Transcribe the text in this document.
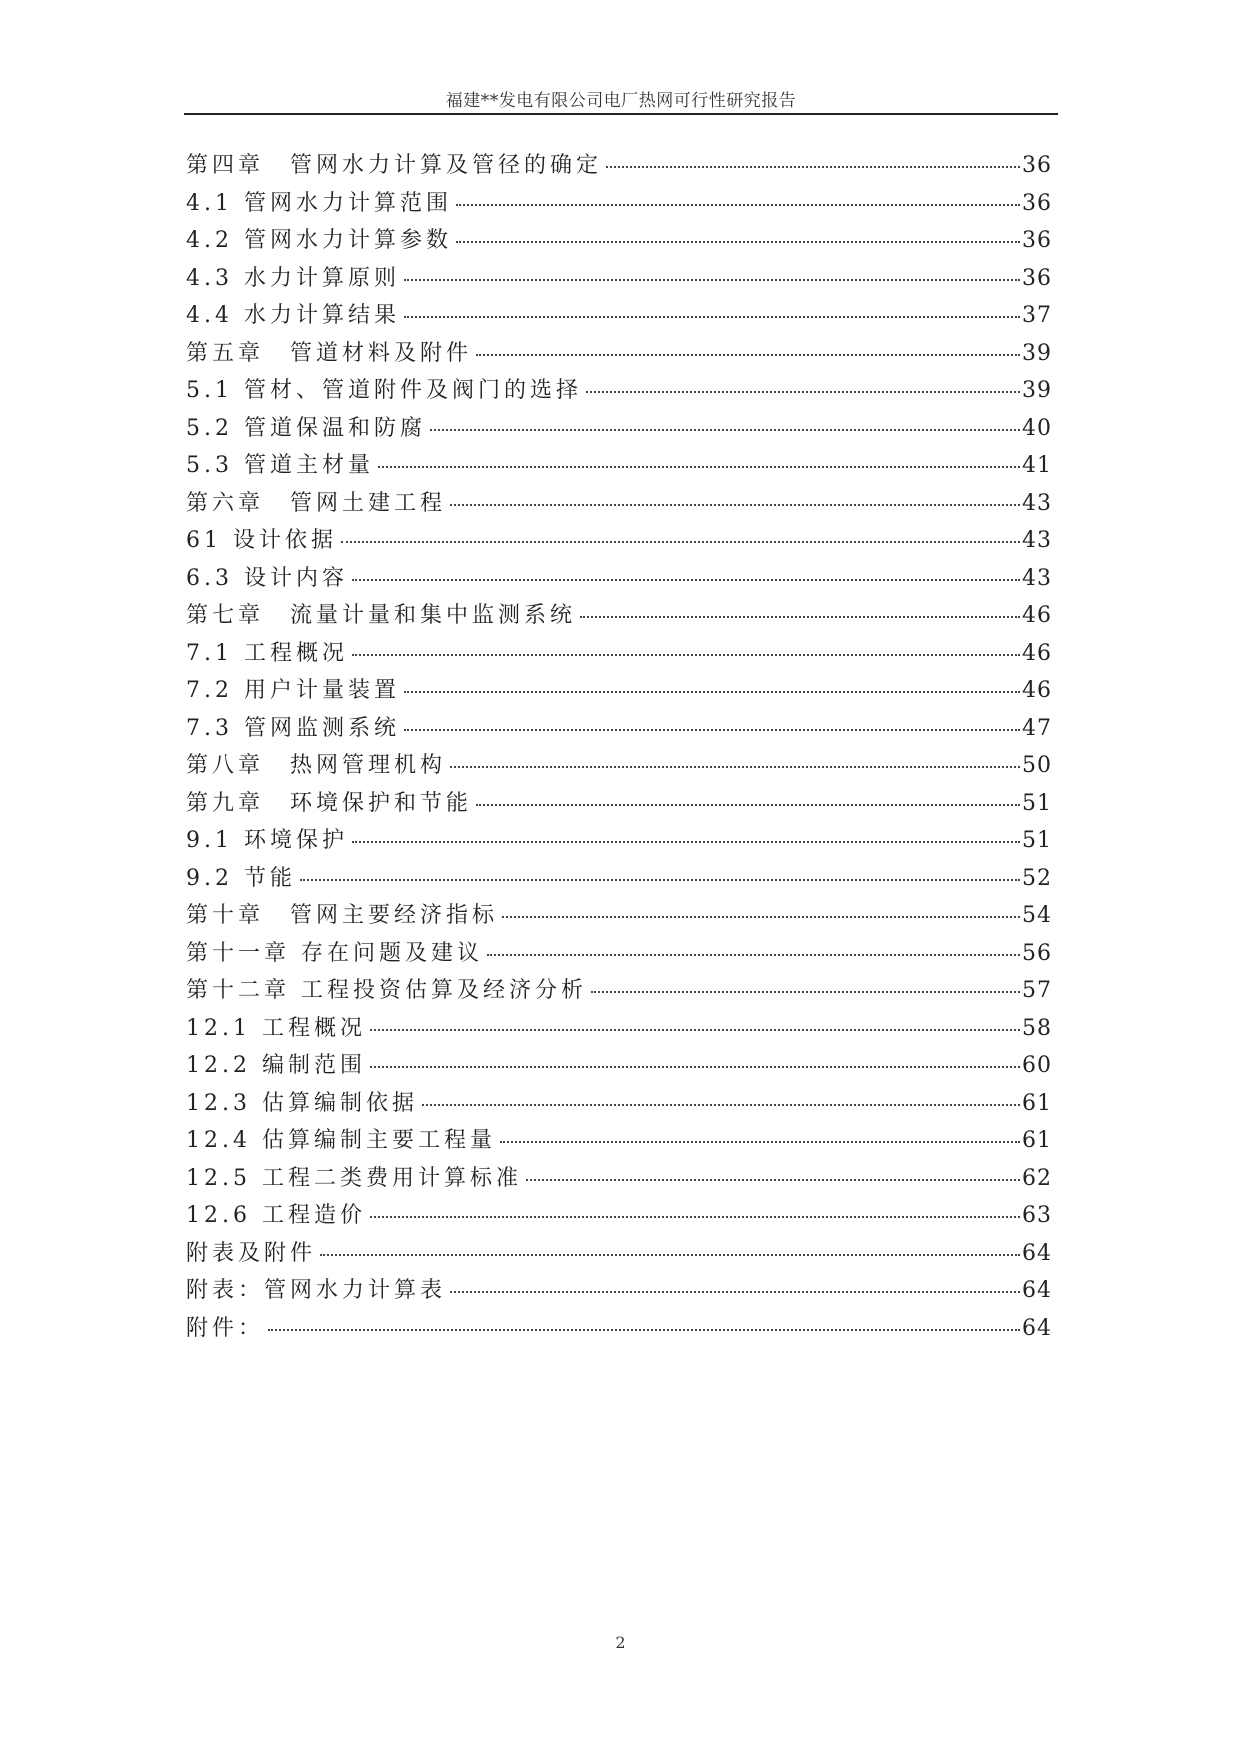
福建**发电有限公司电厂热网可行性研究报告
第四章　管网水力计算及管径的确定	36
4.1 管网水力计算范围	36
4.2 管网水力计算参数	36
4.3 水力计算原则	36
4.4 水力计算结果	37
第五章　管道材料及附件	39
5.1 管材、管道附件及阀门的选择	39
5.2 管道保温和防腐	40
5.3 管道主材量	41
第六章　管网土建工程	43
61 设计依据	43
6.3 设计内容	43
第七章　流量计量和集中监测系统	46
7.1 工程概况	46
7.2 用户计量装置	46
7.3 管网监测系统	47
第八章　热网管理机构	50
第九章　环境保护和节能	51
9.1 环境保护	51
9.2 节能	52
第十章　管网主要经济指标	54
第十一章 存在问题及建议	56
第十二章 工程投资估算及经济分析	57
12.1 工程概况	58
12.2 编制范围	60
12.3 估算编制依据	61
12.4 估算编制主要工程量	61
12.5 工程二类费用计算标准	62
12.6 工程造价	63
附表及附件	64
附表：管网水力计算表	64
附件：	64
2
